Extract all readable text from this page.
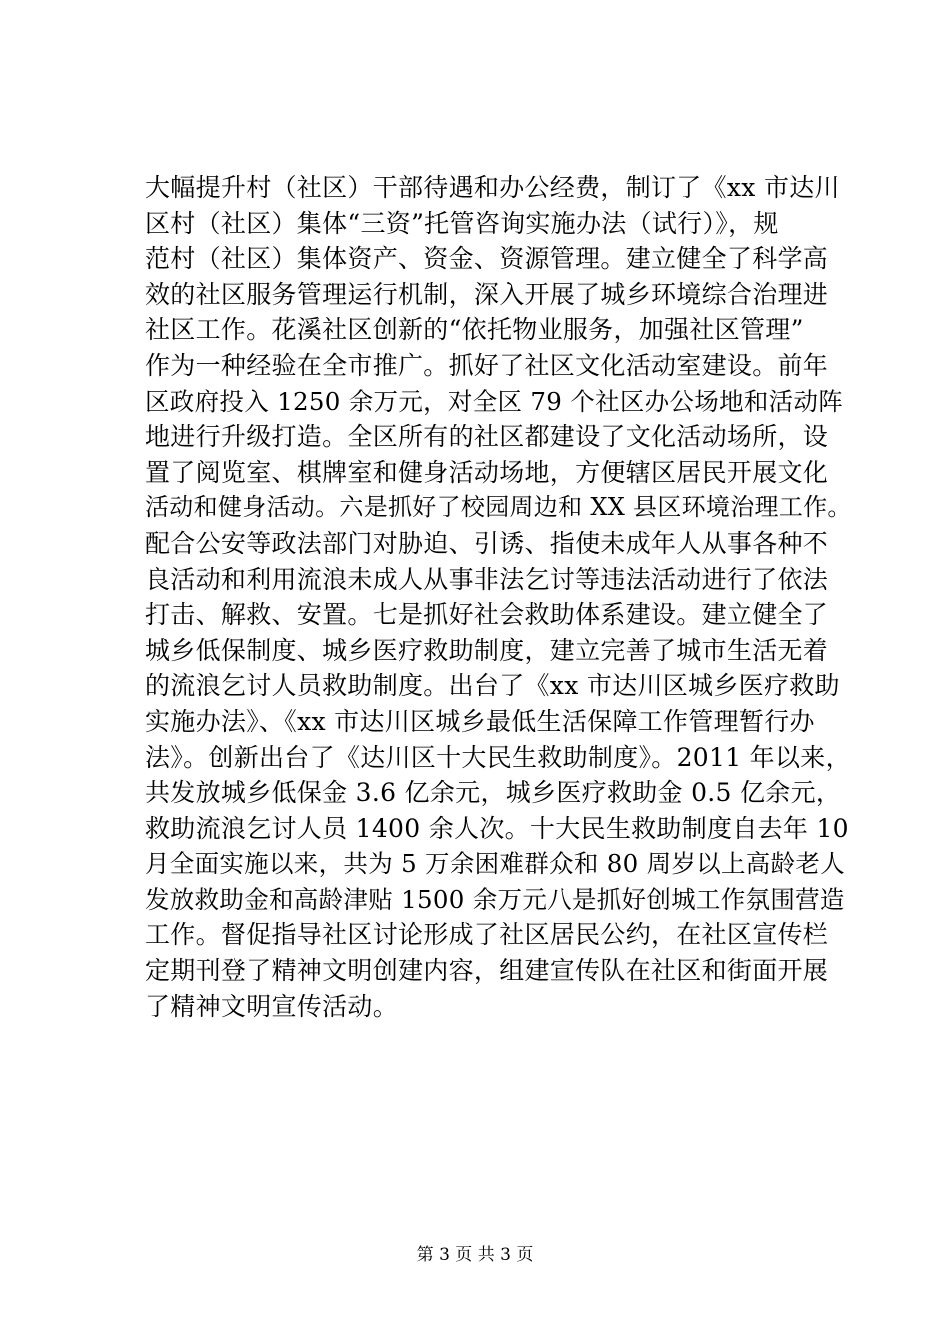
大幅提升村（社区）干部待遇和办公经费，制订了《xx 市达川
区村（社区）集体“三资”托管咨询实施办法（试行）》，规
范村（社区）集体资产、资金、资源管理。建立健全了科学高
效的社区服务管理运行机制，深入开展了城乡环境综合治理进
社区工作。花溪社区创新的“依托物业服务，加强社区管理”
作为一种经验在全市推广。抓好了社区文化活动室建设。前年
区政府投入 1250 余万元，对全区 79 个社区办公场地和活动阵
地进行升级打造。全区所有的社区都建设了文化活动场所，设
置了阅览室、棋牌室和健身活动场地，方便辖区居民开展文化
活动和健身活动。六是抓好了校园周边和 XX 县区环境治理工作。
配合公安等政法部门对胁迫、引诱、指使未成年人从事各种不
良活动和利用流浪未成人从事非法乞讨等违法活动进行了依法
打击、解救、安置。七是抓好社会救助体系建设。建立健全了
城乡低保制度、城乡医疗救助制度，建立完善了城市生活无着
的流浪乞讨人员救助制度。出台了《xx 市达川区城乡医疗救助
实施办法》、《xx 市达川区城乡最低生活保障工作管理暂行办
法》。创新出台了《达川区十大民生救助制度》。2011 年以来，
共发放城乡低保金 3.6 亿余元，城乡医疗救助金 0.5 亿余元，
救助流浪乞讨人员 1400 余人次。十大民生救助制度自去年 10
月全面实施以来，共为 5 万余困难群众和 80 周岁以上高龄老人
发放救助金和高龄津贴 1500 余万元八是抓好创城工作氛围营造
工作。督促指导社区讨论形成了社区居民公约，在社区宣传栏
定期刊登了精神文明创建内容，组建宣传队在社区和街面开展
了精神文明宣传活动。
第 3 页 共 3 页
